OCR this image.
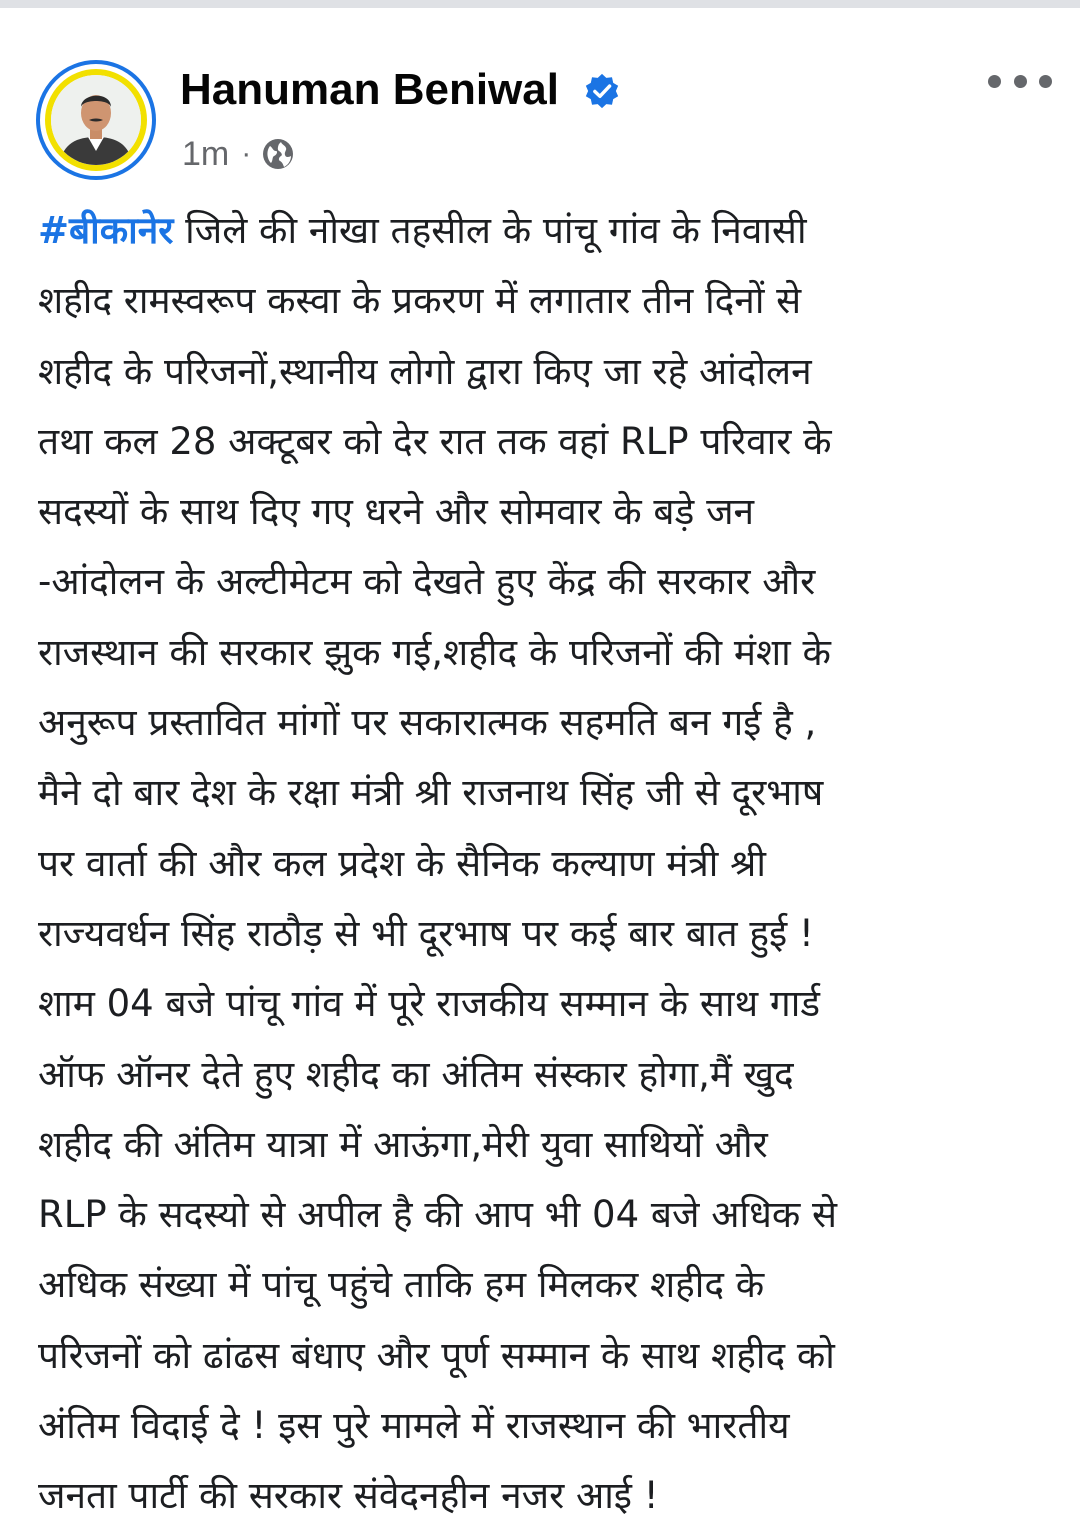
Hanuman Beniwal
1m ·
#बीकानेर जिले की नोखा तहसील के पांचू गांव के निवासी
शहीद रामस्वरूप कस्वा के प्रकरण में लगातार तीन दिनों से
शहीद के परिजनों,स्थानीय लोगो द्वारा किए जा रहे आंदोलन
तथा कल 28 अक्टूबर को देर रात तक वहां RLP परिवार के
सदस्यों के साथ दिए गए धरने और सोमवार के बड़े जन
-आंदोलन के अल्टीमेटम को देखते हुए केंद्र की सरकार और
राजस्थान की सरकार झुक गई,शहीद के परिजनों की मंशा के
अनुरूप प्रस्तावित मांगों पर सकारात्मक सहमति बन गई है ,
मैने दो बार देश के रक्षा मंत्री श्री राजनाथ सिंह जी से दूरभाष
पर वार्ता की और कल प्रदेश के सैनिक कल्याण मंत्री श्री
राज्यवर्धन सिंह राठौड़ से भी दूरभाष पर कई बार बात हुई !
शाम 04 बजे पांचू गांव में पूरे राजकीय सम्मान के साथ गार्ड
ऑफ ऑनर देते हुए शहीद का अंतिम संस्कार होगा,मैं खुद
शहीद की अंतिम यात्रा में आऊंगा,मेरी युवा साथियों और
RLP के सदस्यो से अपील है की आप भी 04 बजे अधिक से
अधिक संख्या में पांचू पहुंचे ताकि हम मिलकर शहीद के
परिजनों को ढांढस बंधाए और पूर्ण सम्मान के साथ शहीद को
अंतिम विदाई दे ! इस पुरे मामले में राजस्थान की भारतीय
जनता पार्टी की सरकार संवेदनहीन नजर आई !
